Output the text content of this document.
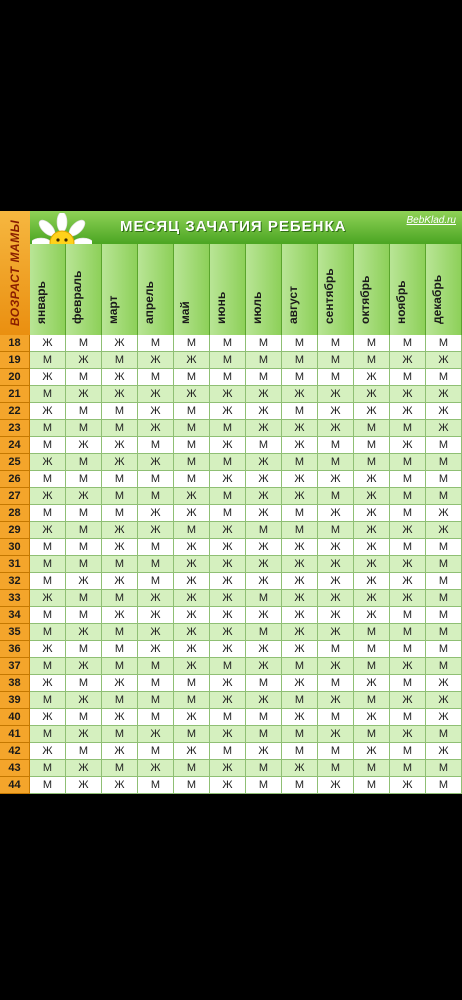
ВОЗРАСТ МАМЫ	МЕСЯЦ ЗАЧАТИЯ РЕБЕНКА	BebKlad.ru
январь февраль март апрель май июнь июль август сентябрь октябрь ноябрь декабрь
18	Ж	М	Ж	М	М	М	М	М	М	М	М	М
19	М	Ж	М	Ж	Ж	М	М	М	М	М	Ж	Ж
20	Ж	М	Ж	М	М	М	М	М	М	Ж	М	М
21	М	Ж	Ж	Ж	Ж	Ж	Ж	Ж	Ж	Ж	Ж	Ж
22	Ж	М	М	Ж	М	Ж	Ж	М	Ж	Ж	Ж	Ж
23	М	М	М	Ж	М	М	Ж	Ж	Ж	М	М	Ж
24	М	Ж	Ж	М	М	Ж	М	Ж	М	М	Ж	М
25	Ж	М	Ж	Ж	М	М	Ж	М	М	М	М	М
26	М	М	М	М	М	Ж	Ж	Ж	Ж	Ж	М	М
27	Ж	Ж	М	М	Ж	М	Ж	Ж	М	Ж	М	М
28	М	М	М	Ж	Ж	М	Ж	М	Ж	Ж	М	Ж
29	Ж	М	Ж	Ж	М	Ж	М	М	М	Ж	Ж	Ж
30	М	М	Ж	М	Ж	Ж	Ж	Ж	Ж	Ж	М	М
31	М	М	М	М	Ж	Ж	Ж	Ж	Ж	Ж	Ж	М
32	М	Ж	Ж	М	Ж	Ж	Ж	Ж	Ж	Ж	Ж	М
33	Ж	М	М	Ж	Ж	Ж	М	Ж	Ж	Ж	Ж	М
34	М	М	Ж	Ж	Ж	Ж	Ж	Ж	Ж	Ж	М	М
35	М	Ж	М	Ж	Ж	Ж	М	Ж	Ж	М	М	М
36	Ж	М	М	Ж	Ж	Ж	Ж	Ж	М	М	М	М
37	М	Ж	М	М	Ж	М	Ж	М	Ж	М	Ж	М
38	Ж	М	Ж	М	М	Ж	М	Ж	М	Ж	М	Ж
39	М	Ж	М	М	М	Ж	Ж	М	Ж	М	Ж	Ж
40	Ж	М	Ж	М	Ж	М	М	Ж	М	Ж	М	Ж
41	М	Ж	М	Ж	М	Ж	М	М	Ж	М	Ж	М
42	Ж	М	Ж	М	Ж	М	Ж	М	М	Ж	М	Ж
43	М	Ж	М	Ж	М	Ж	М	Ж	М	М	М	М
44	М	Ж	Ж	М	М	Ж	М	М	Ж	М	Ж	М
